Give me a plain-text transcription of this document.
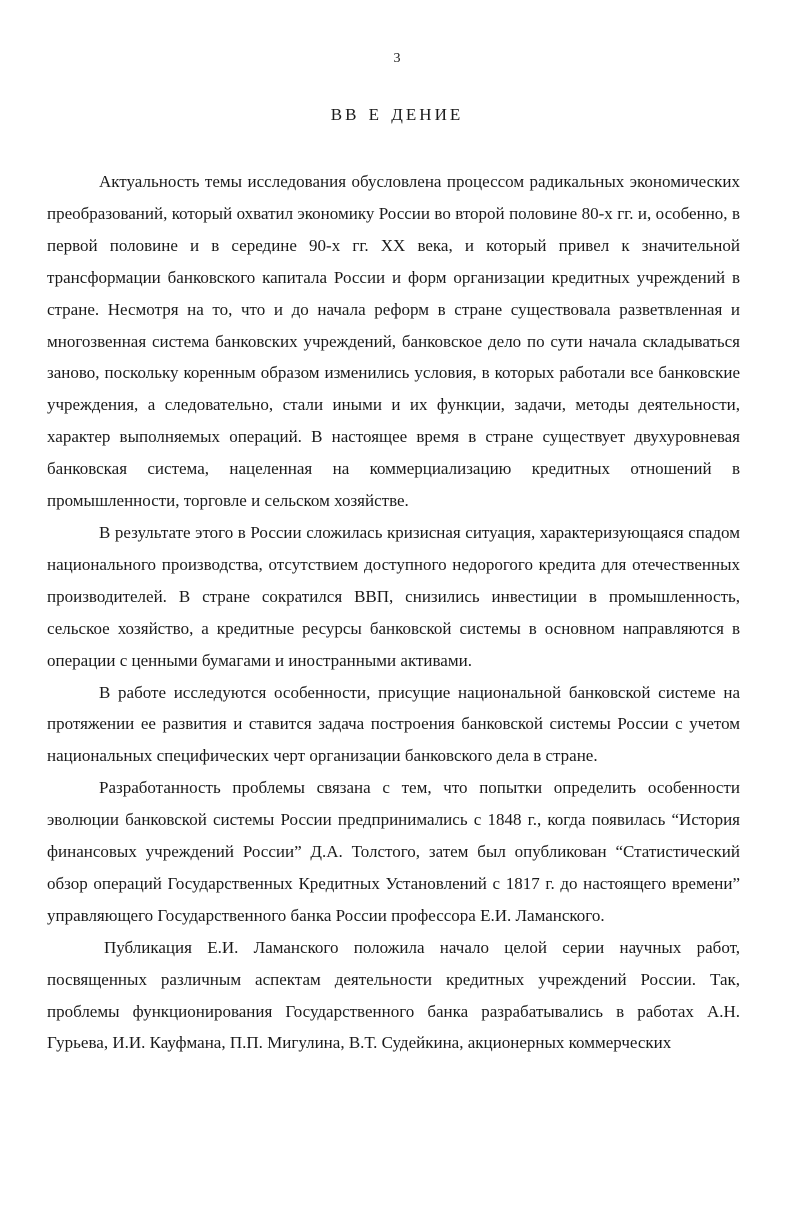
3
ВВ Е ДЕНИЕ

Актуальность темы исследования обусловлена процессом радикальных экономических преобразований, который охватил экономику России во второй половине 80-х гг. и, особенно, в первой половине и в середине 90-х гг. XX века, и который привел к значительной трансформации банковского капитала России и форм организации кредитных учреждений в стране. Несмотря на то, что и до начала реформ в стране существовала разветвленная и многозвенная система банковских учреждений, банковское дело по сути начала складываться заново, поскольку коренным образом изменились условия, в которых работали все банковские учреждения, а следовательно, стали иными и их функции, задачи, методы деятельности, характер выполняемых операций. В настоящее время в стране существует двухуровневая банковская система, нацеленная на коммерциализацию кредитных отношений в промышленности, торговле и сельском хозяйстве.

В результате этого в России сложилась кризисная ситуация, характеризующаяся спадом национального производства, отсутствием доступного недорогого кредита для отечественных производителей. В стране сократился ВВП, снизились инвестиции в промышленность, сельское хозяйство, а кредитные ресурсы банковской системы в основном направляются в операции с ценными бумагами и иностранными активами.

В работе исследуются особенности, присущие национальной банковской системе на протяжении ее развития и ставится задача построения банковской системы России с учетом национальных специфических черт организации банковского дела в стране.

Разработанность проблемы связана с тем, что попытки определить особенности эволюции банковской системы России предпринимались с 1848 г., когда появилась “История финансовых учреждений России” Д.А. Толстого, затем был опубликован “Статистический обзор операций Государственных Кредитных Установлений с 1817 г. до настоящего времени” управляющего Государственного банка России профессора Е.И. Ламанского.

Публикация Е.И. Ламанского положила начало целой серии научных работ, посвященных различным аспектам деятельности кредитных учреждений России. Так, проблемы функционирования Государственного банка разрабатывались в работах А.Н. Гурьева, И.И. Кауфмана, П.П. Мигулина, В.Т. Судейкина, акционерных коммерческих
